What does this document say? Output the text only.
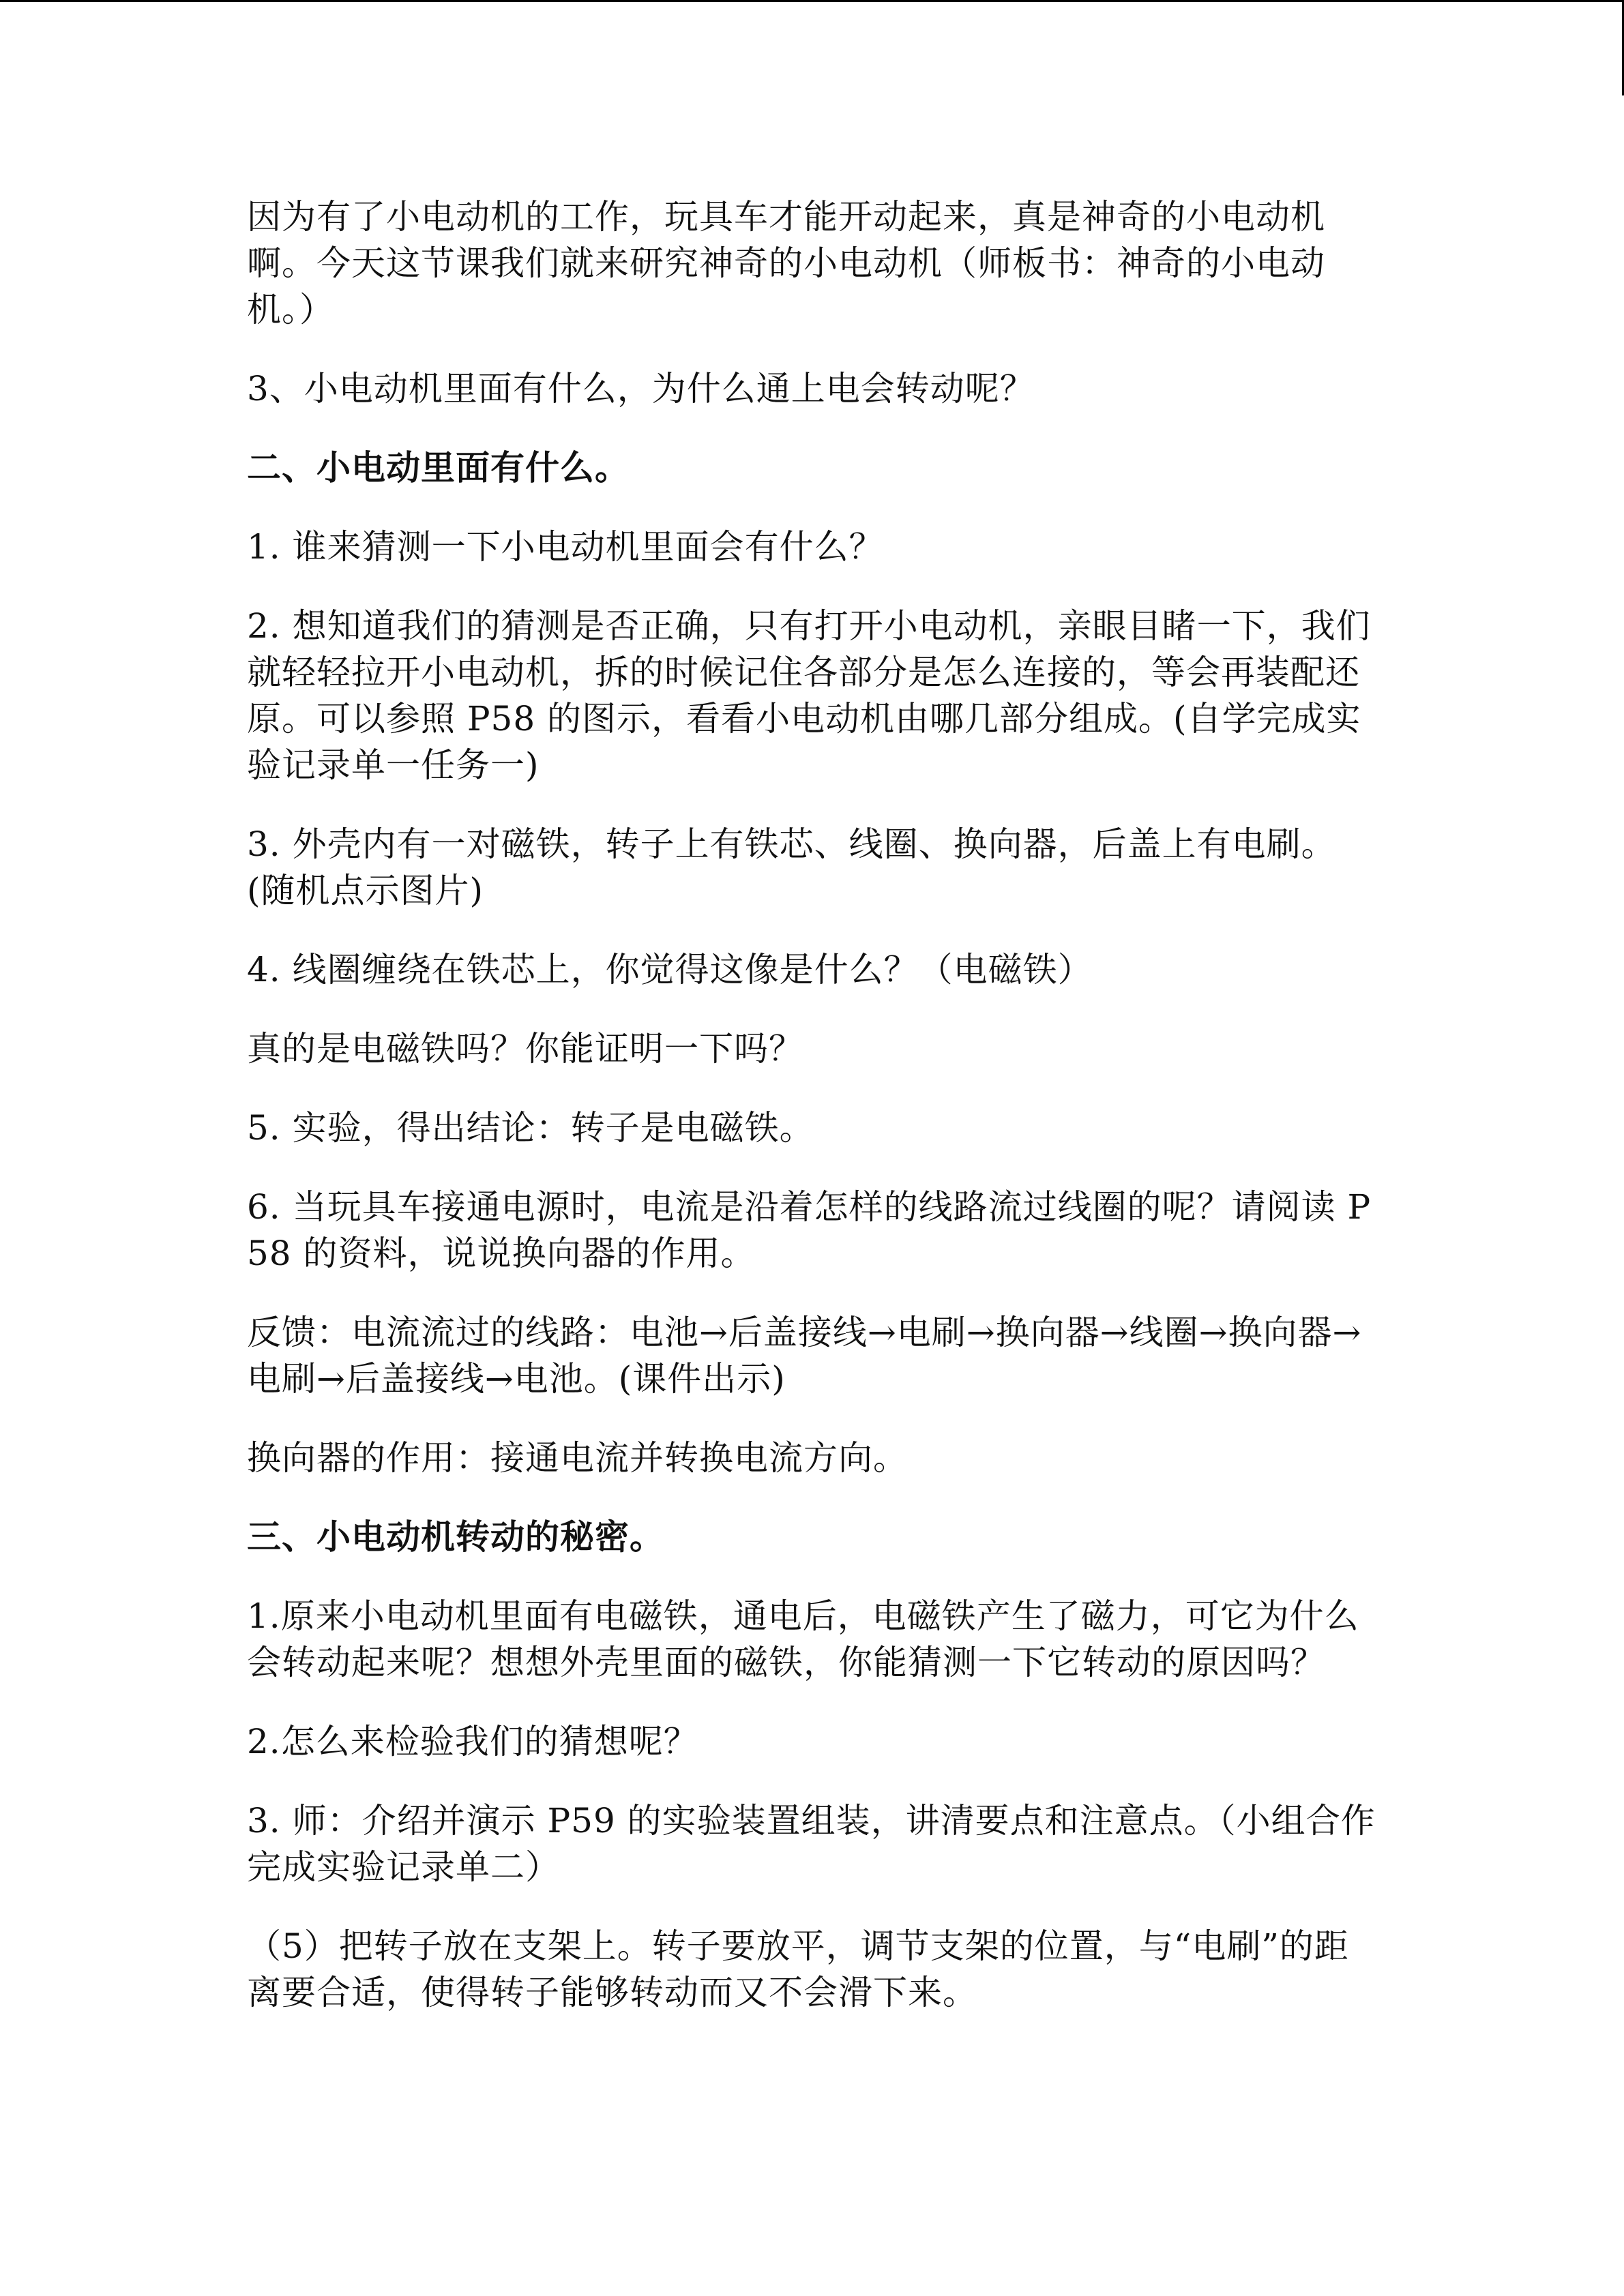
因为有了小电动机的工作，玩具车才能开动起来，真是神奇的小电动机啊。今天这节课我们就来研究神奇的小电动机（师板书：神奇的小电动机。）

3、小电动机里面有什么，为什么通上电会转动呢？

二、小电动里面有什么。

1. 谁来猜测一下小电动机里面会有什么？

2. 想知道我们的猜测是否正确，只有打开小电动机，亲眼目睹一下，我们就轻轻拉开小电动机，拆的时候记住各部分是怎么连接的，等会再装配还原。可以参照 P58 的图示，看看小电动机由哪几部分组成。(自学完成实验记录单一任务一)

3. 外壳内有一对磁铁，转子上有铁芯、线圈、换向器，后盖上有电刷。(随机点示图片)

4. 线圈缠绕在铁芯上，你觉得这像是什么？（电磁铁）

真的是电磁铁吗？你能证明一下吗？

5. 实验，得出结论：转子是电磁铁。

6. 当玩具车接通电源时，电流是沿着怎样的线路流过线圈的呢？请阅读 P58 的资料，说说换向器的作用。

反馈：电流流过的线路：电池→后盖接线→电刷→换向器→线圈→换向器→电刷→后盖接线→电池。(课件出示)

换向器的作用：接通电流并转换电流方向。

三、小电动机转动的秘密。

1.原来小电动机里面有电磁铁，通电后，电磁铁产生了磁力，可它为什么会转动起来呢？想想外壳里面的磁铁，你能猜测一下它转动的原因吗？

2.怎么来检验我们的猜想呢？

3. 师：介绍并演示 P59 的实验装置组装，讲清要点和注意点。（小组合作完成实验记录单二）

（5）把转子放在支架上。转子要放平，调节支架的位置，与“电刷”的距离要合适，使得转子能够转动而又不会滑下来。
